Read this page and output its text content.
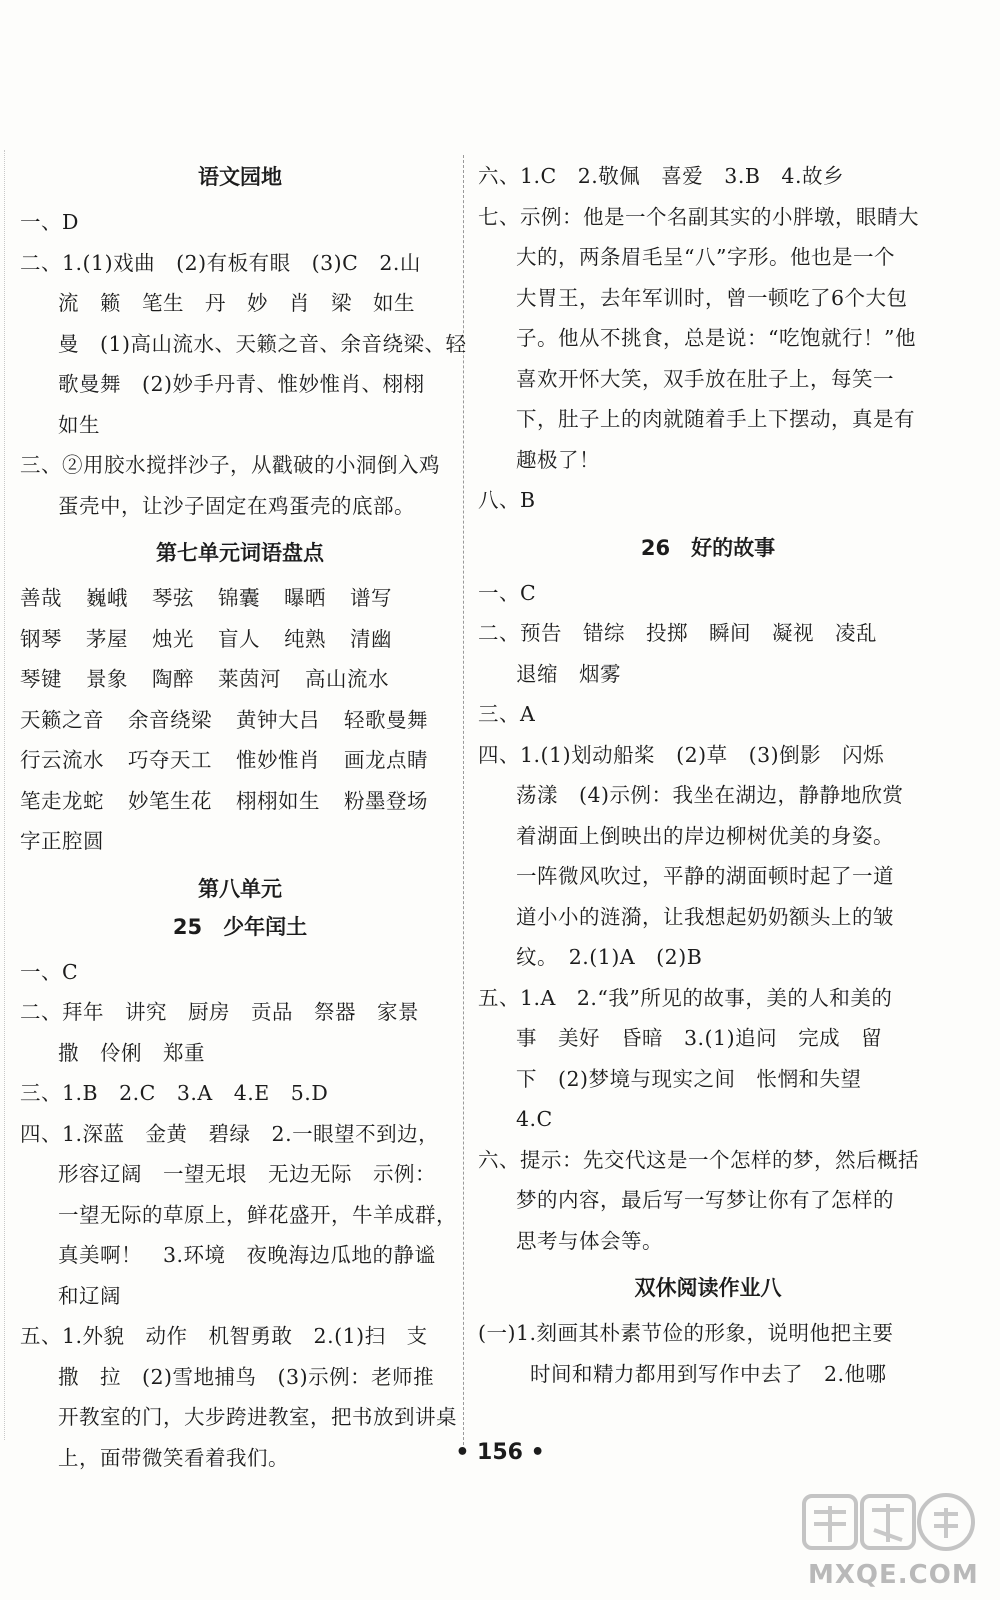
语文园地
一、D
二、1.(1)戏曲　(2)有板有眼　(3)C　2.山
流　籁　笔生　丹　妙　肖　梁　如生
曼　(1)高山流水、天籁之音、余音绕梁、轻
歌曼舞　(2)妙手丹青、惟妙惟肖、栩栩
如生
三、②用胶水搅拌沙子，从戳破的小洞倒入鸡
蛋壳中，让沙子固定在鸡蛋壳的底部。
第七单元词语盘点
善哉 巍峨 琴弦 锦囊 曝晒 谱写
钢琴 茅屋 烛光 盲人 纯熟 清幽
琴键 景象 陶醉 莱茵河 高山流水
天籁之音 余音绕梁 黄钟大吕 轻歌曼舞
行云流水 巧夺天工 惟妙惟肖 画龙点睛
笔走龙蛇 妙笔生花 栩栩如生 粉墨登场
字正腔圆
第八单元
25　少年闰土
一、C
二、拜年　讲究　厨房　贡品　祭器　家景
撒　伶俐　郑重
三、1.B　2.C　3.A　4.E　5.D
四、1.深蓝　金黄　碧绿　2.一眼望不到边，
形容辽阔　一望无垠　无边无际　示例：
一望无际的草原上，鲜花盛开，牛羊成群，
真美啊！　3.环境　夜晚海边瓜地的静谧
和辽阔
五、1.外貌　动作　机智勇敢　2.(1)扫　支
撒　拉　(2)雪地捕鸟　(3)示例：老师推
开教室的门，大步跨进教室，把书放到讲桌
上，面带微笑看着我们。
六、1.C　2.敬佩　喜爱　3.B　4.故乡
七、示例：他是一个名副其实的小胖墩，眼睛大
大的，两条眉毛呈“八”字形。他也是一个
大胃王，去年军训时，曾一顿吃了6个大包
子。他从不挑食，总是说：“吃饱就行！”他
喜欢开怀大笑，双手放在肚子上，每笑一
下，肚子上的肉就随着手上下摆动，真是有
趣极了！
八、B
26　好的故事
一、C
二、预告　错综　投掷　瞬间　凝视　凌乱
退缩　烟雾
三、A
四、1.(1)划动船桨　(2)草　(3)倒影　闪烁
荡漾　(4)示例：我坐在湖边，静静地欣赏
着湖面上倒映出的岸边柳树优美的身姿。
一阵微风吹过，平静的湖面顿时起了一道
道小小的涟漪，让我想起奶奶额头上的皱
纹。　2.(1)A　(2)B
五、1.A　2.“我”所见的故事，美的人和美的
事　美好　昏暗　3.(1)追问　完成　留
下　(2)梦境与现实之间　怅惘和失望
4.C
六、提示：先交代这是一个怎样的梦，然后概括
梦的内容，最后写一写梦让你有了怎样的
思考与体会等。
双休阅读作业八
(一)1.刻画其朴素节俭的形象，说明他把主要
时间和精力都用到写作中去了　2.他哪
• 156 •
MXQE.COM
